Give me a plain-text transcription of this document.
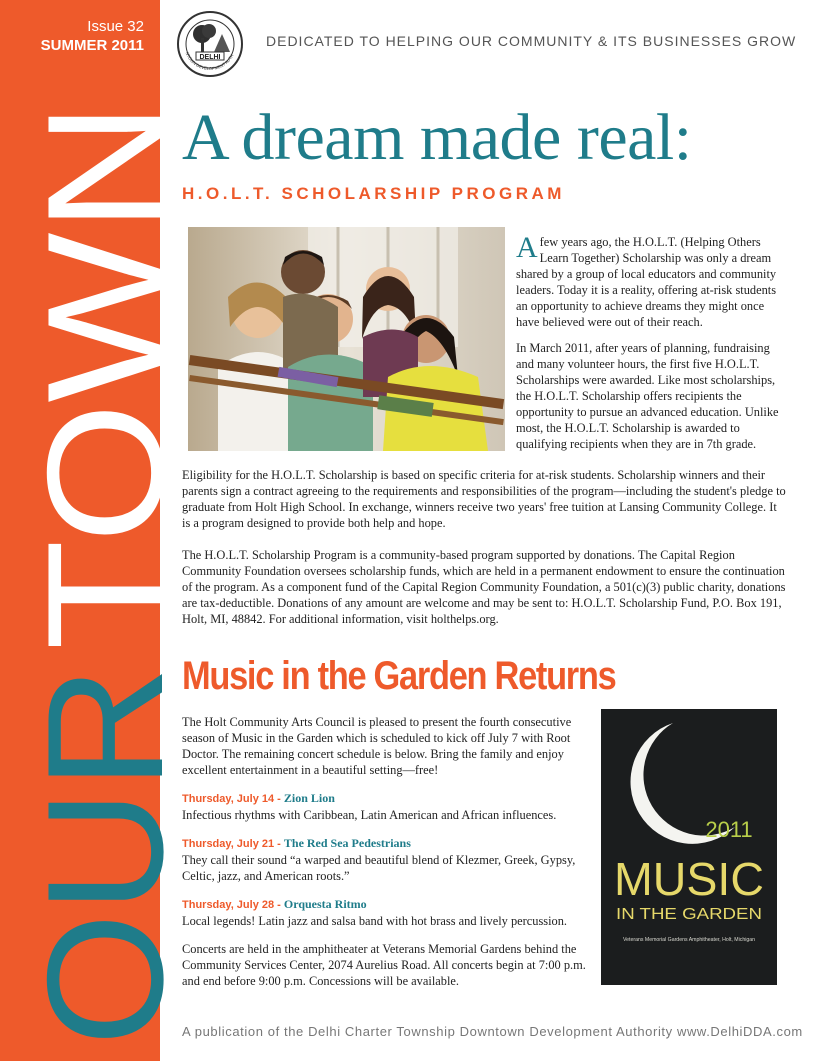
Issue 32
SUMMER 2011
TOWN
OUR
DELHI
NTOWN DEVELOPMENT AUTH
DEDICATED TO HELPING OUR COMMUNITY & ITS BUSINESSES GROW
A dream made real:
H.O.L.T. SCHOLARSHIP PROGRAM

Afew years ago, the H.O.L.T. (Helping Others Learn Together) Scholarship was only a dream shared by a group of local educators and community leaders. Today it is a reality, offering at-risk students an opportunity to achieve dreams they might once have believed were out of their reach.

In March 2011, after years of planning, fundraising and many volunteer hours, the first five H.O.L.T. Scholarships were awarded. Like most scholarships, the H.O.L.T. Scholarship offers recipients the opportunity to pursue an advanced education. Unlike most, the H.O.L.T. Scholarship is awarded to qualifying recipients when they are in 7th grade.

Eligibility for the H.O.L.T. Scholarship is based on specific criteria for at-risk students. Scholarship winners and their parents sign a contract agreeing to the requirements and responsibilities of the program—including the student's pledge to graduate from Holt High School. In exchange, winners receive two years' free tuition at Lansing Community College. It is a program designed to provide both help and hope.

The H.O.L.T. Scholarship Program is a community-based program supported by donations. The Capital Region Community Foundation oversees scholarship funds, which are held in a permanent endowment to ensure the continuation of the program. As a component fund of the Capital Region Community Foundation, a 501(c)(3) public charity, donations are tax-deductible. Donations of any amount are welcome and may be sent to: H.O.L.T. Scholarship Fund, P.O. Box 191, Holt, MI, 48842. For additional information, visit holthelps.org.

Music in the Garden Returns

The Holt Community Arts Council is pleased to present the fourth consecutive season of Music in the Garden which is scheduled to kick off July 7 with Root Doctor. The remaining concert schedule is below. Bring the family and enjoy excellent entertainment in a beautiful setting—free!

Thursday, July 14 - Zion Lion

Infectious rhythms with Caribbean, Latin American and African influences.

Thursday, July 21 - The Red Sea Pedestrians

They call their sound “a warped and beautiful blend of Klezmer, Greek, Gypsy, Celtic, jazz, and American roots.”

Thursday, July 28 - Orquesta Ritmo

Local legends! Latin jazz and salsa band with hot brass and lively percussion.

Concerts are held in the amphitheater at Veterans Memorial Gardens behind the Community Services Center, 2074 Aurelius Road. All concerts begin at 7:00 p.m. and end before 9:00 p.m. Concessions will be available.

2011
MUSIC
IN THE GARDEN
Veterans Memorial Gardens Amphitheater, Holt, Michigan
A publication of the Delhi Charter Township Downtown Development Authority www.DelhiDDA.com
